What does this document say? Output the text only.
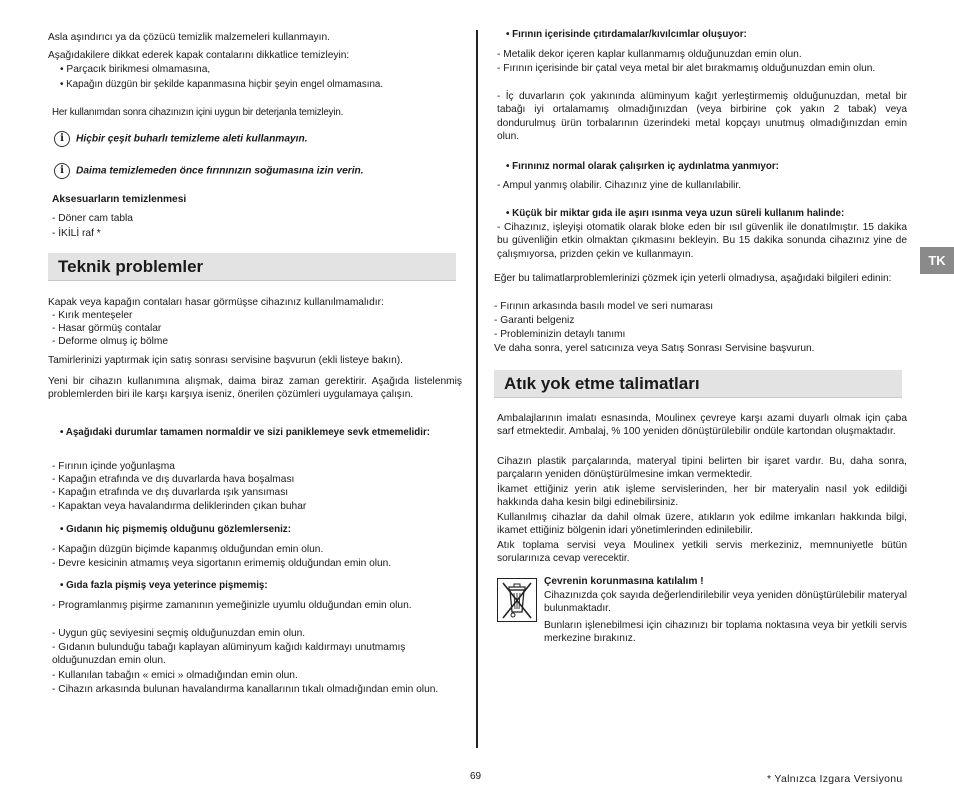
Asla aşındırıcı ya da çözücü temizlik malzemeleri kullanmayın.
Aşağıdakilere dikkat ederek kapak contalarını dikkatlice temizleyin:
• Parçacık birikmesi olmamasına,
• Kapağın düzgün bir şekilde kapanmasına hiçbir şeyin engel olmamasına.
Her kullanımdan sonra cihazınızın içini uygun bir deterjanla temizleyin.
i Hiçbir çeşit buharlı temizleme aleti kullanmayın.
i Daima temizlemeden önce fırınınızın soğumasına izin verin.
Aksesuarların temizlenmesi
- Döner cam tabla
- İKİLİ raf *
Teknik problemler
Kapak veya kapağın contaları hasar görmüşse cihazınız kullanılmamalıdır:
- Kırık menteşeler
- Hasar görmüş contalar
- Deforme olmuş iç bölme
Tamirlerinizi yaptırmak için satış sonrası servisine başvurun (ekli listeye bakın).
Yeni bir cihazın kullanımına alışmak, daima biraz zaman gerektirir. Aşağıda listelenmiş problemlerden biri ile karşı karşıya iseniz, önerilen çözümleri uygulamaya çalışın.
• Aşağıdaki durumlar tamamen normaldir ve sizi paniklemeye sevk etmemelidir:
- Fırının içinde yoğunlaşma
- Kapağın etrafında ve dış duvarlarda hava boşalması
- Kapağın etrafında ve dış duvarlarda ışık yansıması
- Kapaktan veya havalandırma deliklerinden çıkan buhar
• Gıdanın hiç pişmemiş olduğunu gözlemlerseniz:
- Kapağın düzgün biçimde kapanmış olduğundan emin olun.
- Devre kesicinin atmamış veya sigortanın erimemiş olduğundan emin olun.
• Gıda fazla pişmiş veya yeterince pişmemiş:
- Programlanmış pişirme zamanının yemeğinizle uyumlu olduğundan emin olun.
- Uygun güç seviyesini seçmiş olduğunuzdan emin olun.
- Gıdanın bulunduğu tabağı kaplayan alüminyum kağıdı kaldırmayı unutmamış olduğunuzdan emin olun.
- Kullanılan tabağın « emici » olmadığından emin olun.
- Cihazın arkasında bulunan havalandırma kanallarının tıkalı olmadığından emin olun.
• Fırının içerisinde çıtırdamalar/kıvılcımlar oluşuyor:
- Metalik dekor içeren kaplar kullanmamış olduğunuzdan emin olun.
- Fırının içerisinde bir çatal veya metal bir alet bırakmamış olduğunuzdan emin olun.
- İç duvarların çok yakınında alüminyum kağıt yerleştirmemiş olduğunuzdan, metal bir tabağı iyi ortalamamış olmadığınızdan (veya birbirine çok yakın 2 tabak) veya dondurulmuş ürün torbalarının üzerindeki metal kopçayı unutmuş olmadığınızdan emin olun.
• Fırınınız normal olarak çalışırken iç aydınlatma yanmıyor:
- Ampul yanmış olabilir. Cihazınız yine de kullanılabilir.
• Küçük bir miktar gıda ile aşırı ısınma veya uzun süreli kullanım halinde:
- Cihazınız, işleyişi otomatik olarak bloke eden bir ısıl güvenlik ile donatılmıştır. 15 dakika bu güvenliğin etkin olmaktan çıkmasını bekleyin. Bu 15 dakika sonunda cihazınız yine de çalışmıyorsa, prizden çekin ve kullanmayın.
Eğer bu talimatlarproblemlerinizi çözmek için yeterli olmadıysa, aşağıdaki bilgileri edinin:
- Fırının arkasında basılı model ve seri numarası
- Garanti belgeniz
- Probleminizin detaylı tanımı
Ve daha sonra, yerel satıcınıza veya Satış Sonrası Servisine başvurun.
Atık yok etme talimatları
Ambalajlarının imalatı esnasında, Moulinex çevreye karşı azami duyarlı olmak için çaba sarf etmektedir. Ambalaj, % 100 yeniden dönüştürülebilir ondüle kartondan oluşmaktadır.
Cihazın plastik parçalarında, materyal tipini belirten bir işaret vardır. Bu, daha sonra, parçaların yeniden dönüştürülmesine imkan vermektedir.
İkamet ettiğiniz yerin atık işleme servislerinden, her bir materyalin nasıl yok edildiği hakkında daha kesin bilgi edinebilirsiniz.
Kullanılmış cihazlar da dahil olmak üzere, atıkların yok edilme imkanları hakkında bilgi, ikamet ettiğiniz bölgenin idari yönetimlerinden edinilebilir.
Atık toplama servisi veya Moulinex yetkili servis merkeziniz, memnuniyetle bütün sorularınıza cevap verecektir.
Çevrenin korunmasına katılalım !
Cihazınızda çok sayıda değerlendirilebilir veya yeniden dönüştürülebilir materyal bulunmaktadır.
Bunların işlenebilmesi için cihazınızı bir toplama noktasına veya bir yetkili servis merkezine bırakınız.
TK
69	* Yalnızca Izgara Versiyonu
